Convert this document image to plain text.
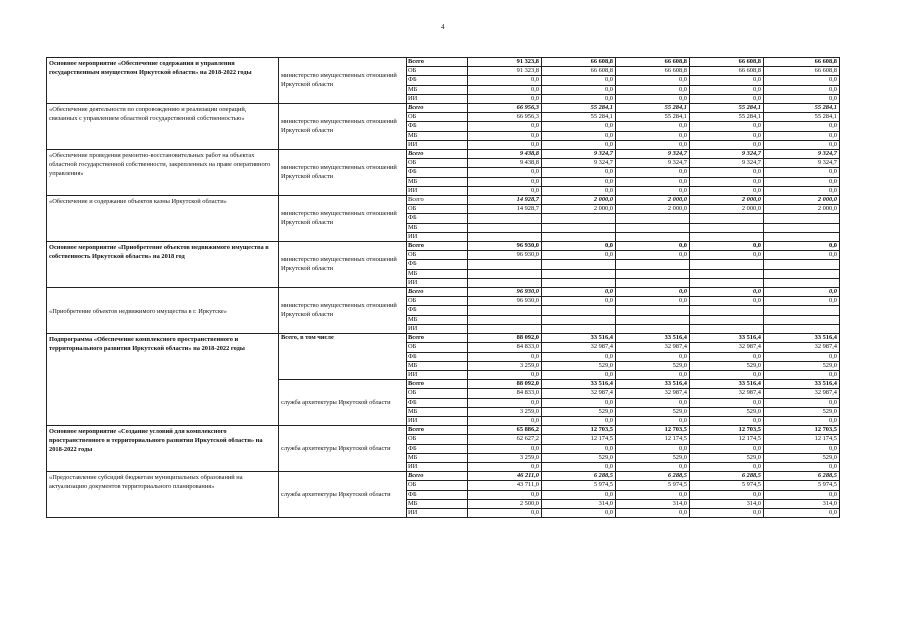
4
Основное мероприятие «Обеспечение содержания и управления государственным имуществом Иркутской области» на 2018-2022 годы	министерство имущественных отношений Иркутской области	Всего	91 323,8	66 608,8	66 608,8	66 608,8	66 608,8
		ОБ	91 323,8	66 608,8	66 608,8	66 608,8	66 608,8
		ФБ	0,0	0,0	0,0	0,0	0,0
		МБ	0,0	0,0	0,0	0,0	0,0
		ИИ	0,0	0,0	0,0	0,0	0,0
«Обеспечение деятельности по сопровождению и реализации операций, связанных с управлением областной государственной собственностью»	министерство имущественных отношений Иркутской области	Всего	66 956,3	55 284,1	55 284,1	55 284,1	55 284,1
		ОБ	66 956,3	55 284,1	55 284,1	55 284,1	55 284,1
		ФБ	0,0	0,0	0,0	0,0	0,0
		МБ	0,0	0,0	0,0	0,0	0,0
		ИИ	0,0	0,0	0,0	0,0	0,0
«Обеспечение проведения ремонтно-восстановительных работ на объектах областной государственной собственности, закрепленных на праве оперативного управления»	министерство имущественных отношений Иркутской области	Всего	9 438,8	9 324,7	9 324,7	9 324,7	9 324,7
		ОБ	9 438,8	9 324,7	9 324,7	9 324,7	9 324,7
		ФБ	0,0	0,0	0,0	0,0	0,0
		МБ	0,0	0,0	0,0	0,0	0,0
		ИИ	0,0	0,0	0,0	0,0	0,0
«Обеспечение и содержание объектов казны Иркутской области»	министерство имущественных отношений Иркутской области	Всего	14 928,7	2 000,0	2 000,0	2 000,0	2 000,0
		ОБ	14 928,7	2 000,0	2 000,0	2 000,0	2 000,0
		ФБ					
		МБ					
		ИИ					
Основное мероприятие «Приобретение объектов недвижимого имущества в собственность Иркутской области» на 2018 год	министерство имущественных отношений Иркутской области	Всего	96 930,0	0,0	0,0	0,0	0,0
		ОБ	96 930,0	0,0	0,0	0,0	0,0
		ФБ					
		МБ					
		ИИ					
«Приобретение объектов недвижимого имущества в г. Иркутске»	министерство имущественных отношений Иркутской области	Всего	96 930,0	0,0	0,0	0,0	0,0
		ОБ	96 930,0	0,0	0,0	0,0	0,0
		ФБ					
		МБ					
		ИИ					
Подпрограмма «Обеспечение комплексного пространственного и территориального развития Иркутской области» на 2018-2022 годы	Всего, в том числе	Всего	88 092,0	33 516,4	33 516,4	33 516,4	33 516,4
		ОБ	84 833,0	32 987,4	32 987,4	32 987,4	32 987,4
		ФБ	0,0	0,0	0,0	0,0	0,0
		МБ	3 259,0	529,0	529,0	529,0	529,0
		ИИ	0,0	0,0	0,0	0,0	0,0
	служба архитектуры Иркутской области	Всего	88 092,0	33 516,4	33 516,4	33 516,4	33 516,4
		ОБ	84 833,0	32 987,4	32 987,4	32 987,4	32 987,4
		ФБ	0,0	0,0	0,0	0,0	0,0
		МБ	3 259,0	529,0	529,0	529,0	529,0
		ИИ	0,0	0,0	0,0	0,0	0,0
Основное мероприятие «Создание условий для комплексного пространственного и территориального развития Иркутской области» на 2018-2022 годы	служба архитектуры Иркутской области	Всего	65 886,2	12 703,5	12 703,5	12 703,5	12 703,5
		ОБ	62 627,2	12 174,5	12 174,5	12 174,5	12 174,5
		ФБ	0,0	0,0	0,0	0,0	0,0
		МБ	3 259,0	529,0	529,0	529,0	529,0
		ИИ	0,0	0,0	0,0	0,0	0,0
«Предоставление субсидий бюджетам муниципальных образований на актуализацию документов территориального планирования»	служба архитектуры Иркутской области	Всего	46 211,0	6 288,5	6 288,5	6 288,5	6 288,5
		ОБ	43 711,0	5 974,5	5 974,5	5 974,5	5 974,5
		ФБ	0,0	0,0	0,0	0,0	0,0
		МБ	2 500,0	314,0	314,0	314,0	314,0
		ИИ	0,0	0,0	0,0	0,0	0,0
